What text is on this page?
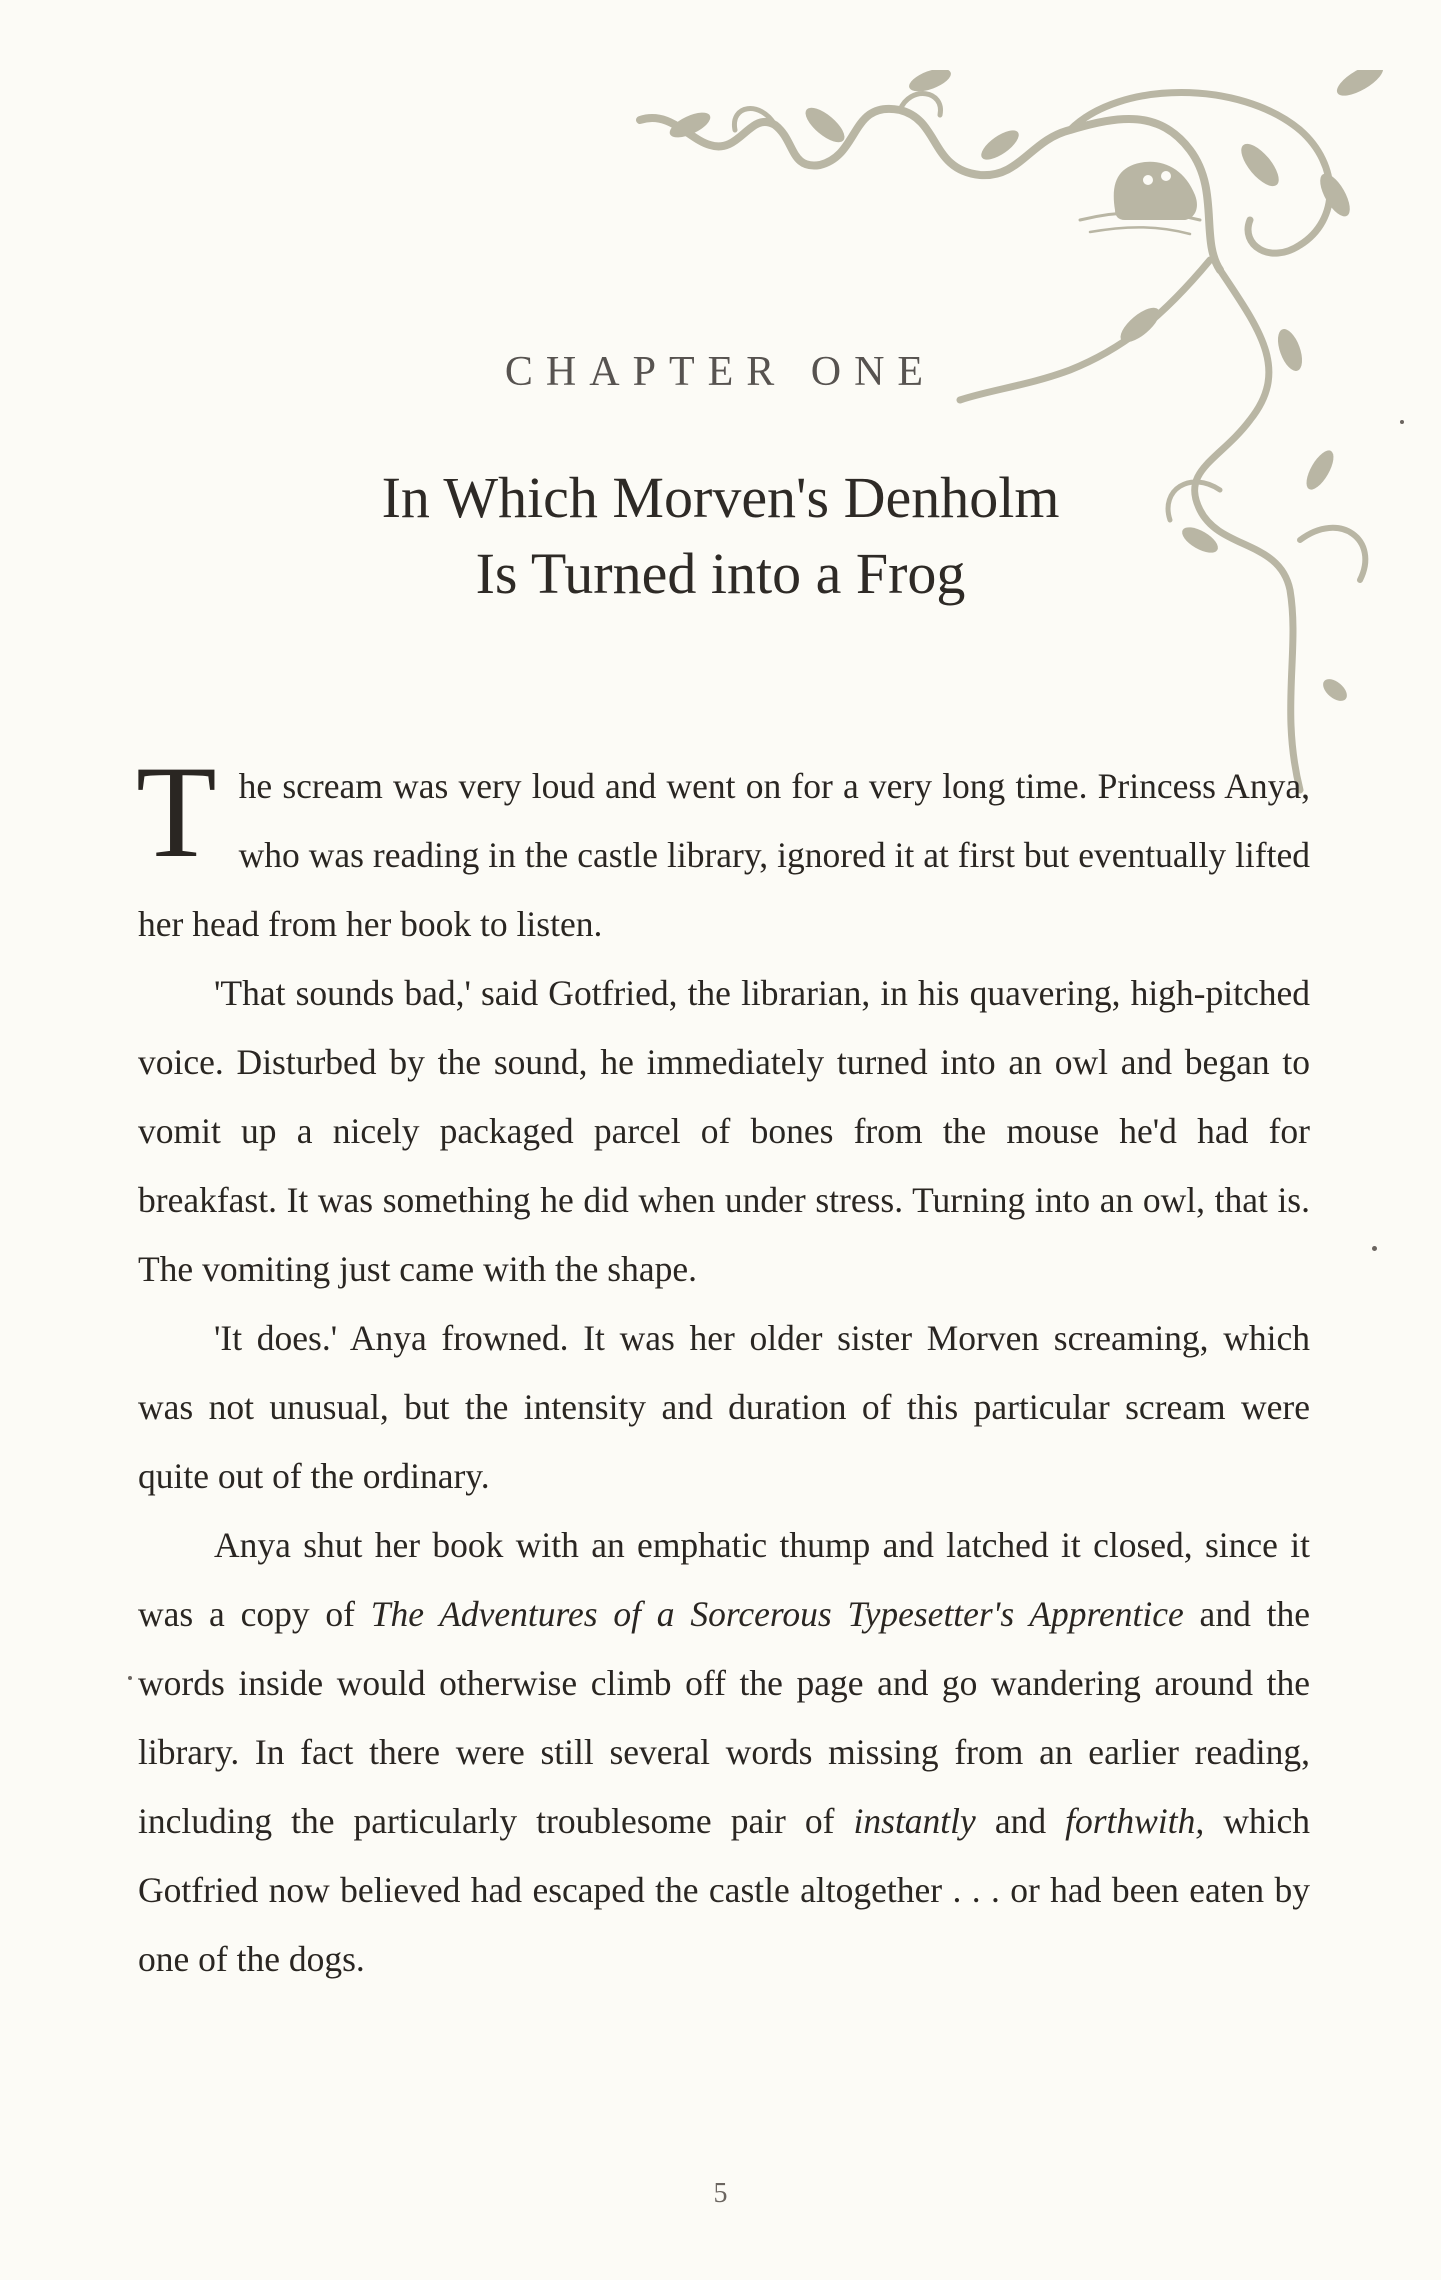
CHAPTER ONE
In Which Morven's Denholm
Is Turned into a Frog

The scream was very loud and went on for a very long time. Princess Anya, who was reading in the castle library, ignored it at first but eventually lifted her head from her book to listen.

'That sounds bad,' said Gotfried, the librarian, in his quavering, high-pitched voice. Disturbed by the sound, he immediately turned into an owl and began to vomit up a nicely packaged parcel of bones from the mouse he'd had for breakfast. It was something he did when under stress. Turning into an owl, that is. The vomiting just came with the shape.

'It does.' Anya frowned. It was her older sister Morven screaming, which was not unusual, but the intensity and duration of this particular scream were quite out of the ordinary.

Anya shut her book with an emphatic thump and latched it closed, since it was a copy of The Adventures of a Sorcerous Typesetter's Apprentice and the words inside would otherwise climb off the page and go wandering around the library. In fact there were still several words missing from an earlier reading, including the particularly troublesome pair of instantly and forthwith, which Gotfried now believed had escaped the castle altogether . . . or had been eaten by one of the dogs.

5
